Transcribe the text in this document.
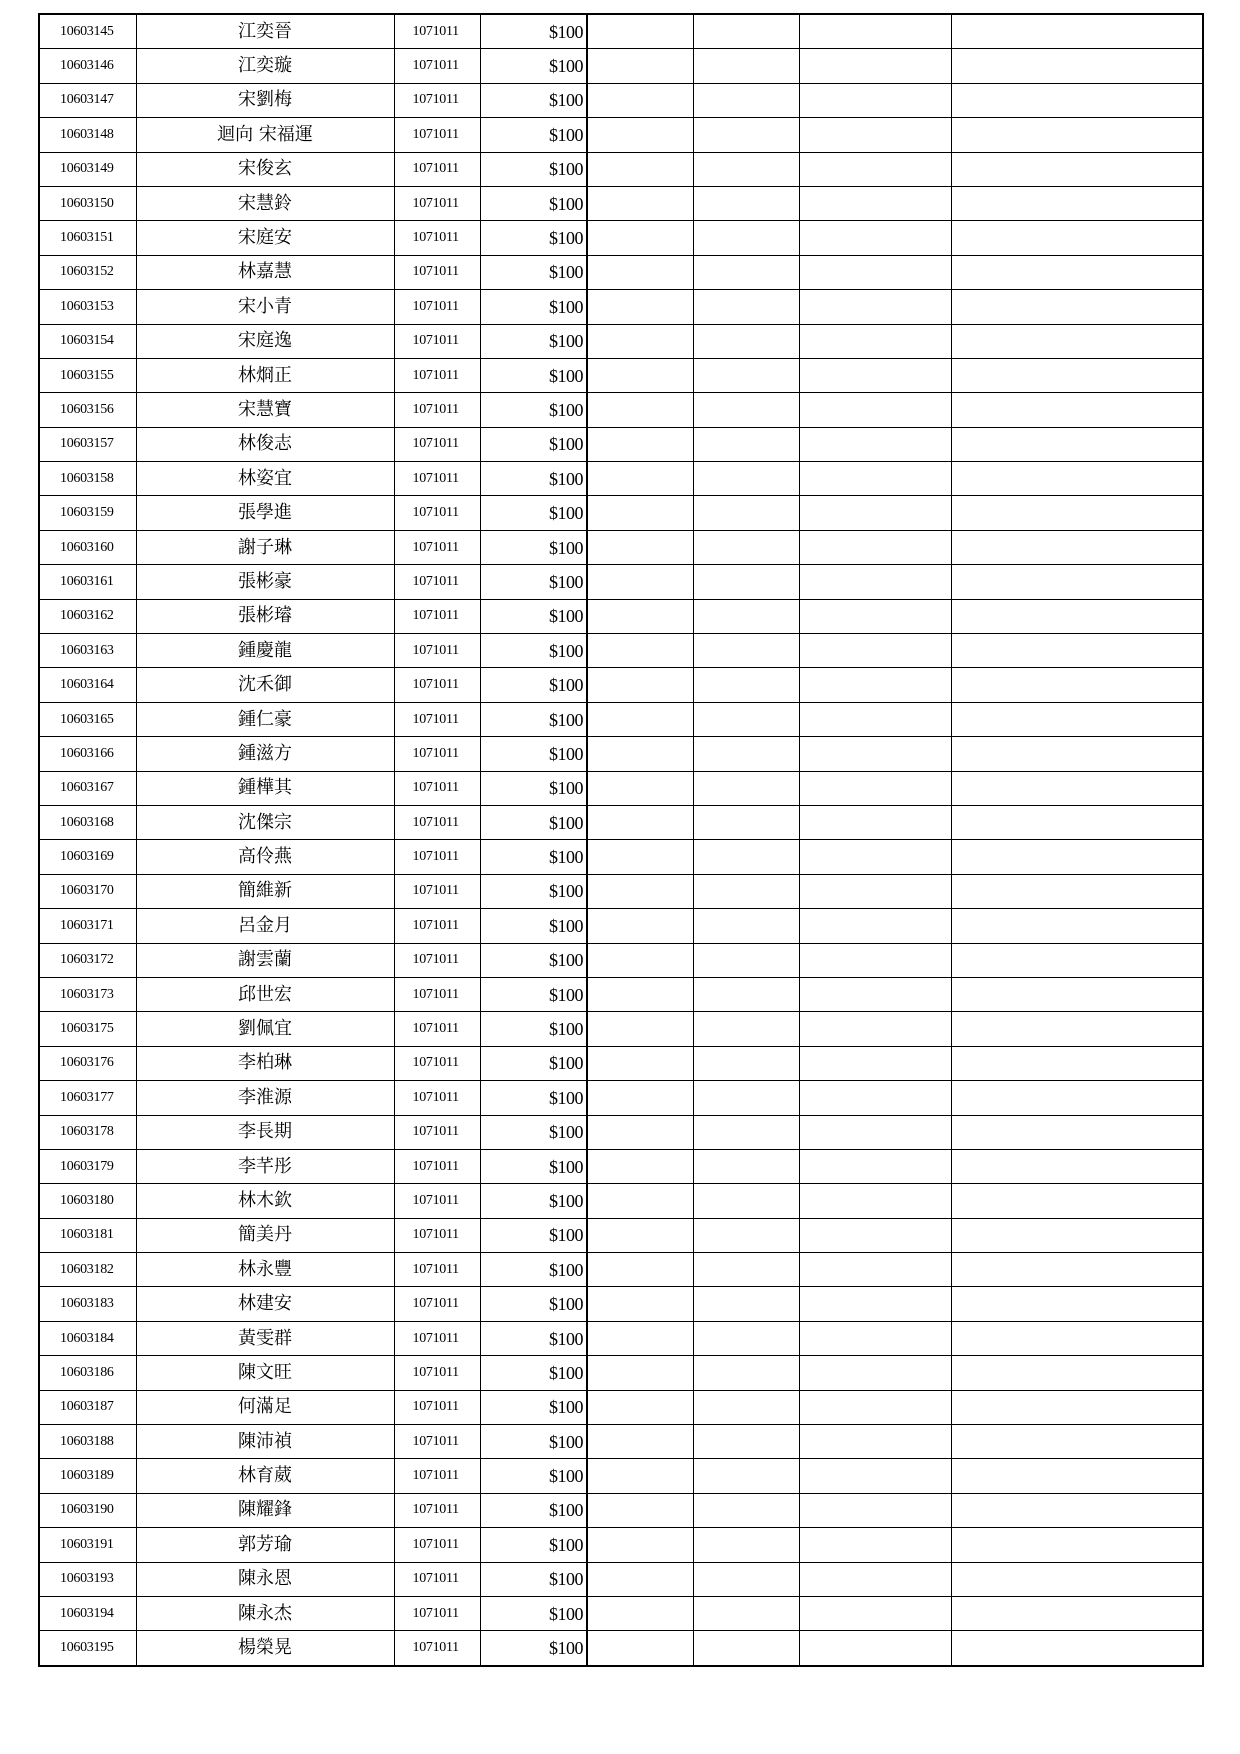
10603145	江奕晉	1071011	$100				
10603146	江奕璇	1071011	$100				
10603147	宋劉梅	1071011	$100				
10603148	迴向 宋福運	1071011	$100				
10603149	宋俊玄	1071011	$100				
10603150	宋慧鈴	1071011	$100				
10603151	宋庭安	1071011	$100				
10603152	林嘉慧	1071011	$100				
10603153	宋小青	1071011	$100				
10603154	宋庭逸	1071011	$100				
10603155	林烱正	1071011	$100				
10603156	宋慧寶	1071011	$100				
10603157	林俊志	1071011	$100				
10603158	林姿宜	1071011	$100				
10603159	張學進	1071011	$100				
10603160	謝子琳	1071011	$100				
10603161	張彬豪	1071011	$100				
10603162	張彬璿	1071011	$100				
10603163	鍾慶龍	1071011	$100				
10603164	沈禾御	1071011	$100				
10603165	鍾仁豪	1071011	$100				
10603166	鍾滋方	1071011	$100				
10603167	鍾樺其	1071011	$100				
10603168	沈傑宗	1071011	$100				
10603169	高伶燕	1071011	$100				
10603170	簡維新	1071011	$100				
10603171	呂金月	1071011	$100				
10603172	謝雲蘭	1071011	$100				
10603173	邱世宏	1071011	$100				
10603175	劉佩宜	1071011	$100				
10603176	李柏琳	1071011	$100				
10603177	李淮源	1071011	$100				
10603178	李長期	1071011	$100				
10603179	李芊彤	1071011	$100				
10603180	林木欽	1071011	$100				
10603181	簡美丹	1071011	$100				
10603182	林永豐	1071011	$100				
10603183	林建安	1071011	$100				
10603184	黃雯群	1071011	$100				
10603186	陳文旺	1071011	$100				
10603187	何滿足	1071011	$100				
10603188	陳沛禎	1071011	$100				
10603189	林育葳	1071011	$100				
10603190	陳耀鋒	1071011	$100				
10603191	郭芳瑜	1071011	$100				
10603193	陳永恩	1071011	$100				
10603194	陳永杰	1071011	$100				
10603195	楊榮晃	1071011	$100				
